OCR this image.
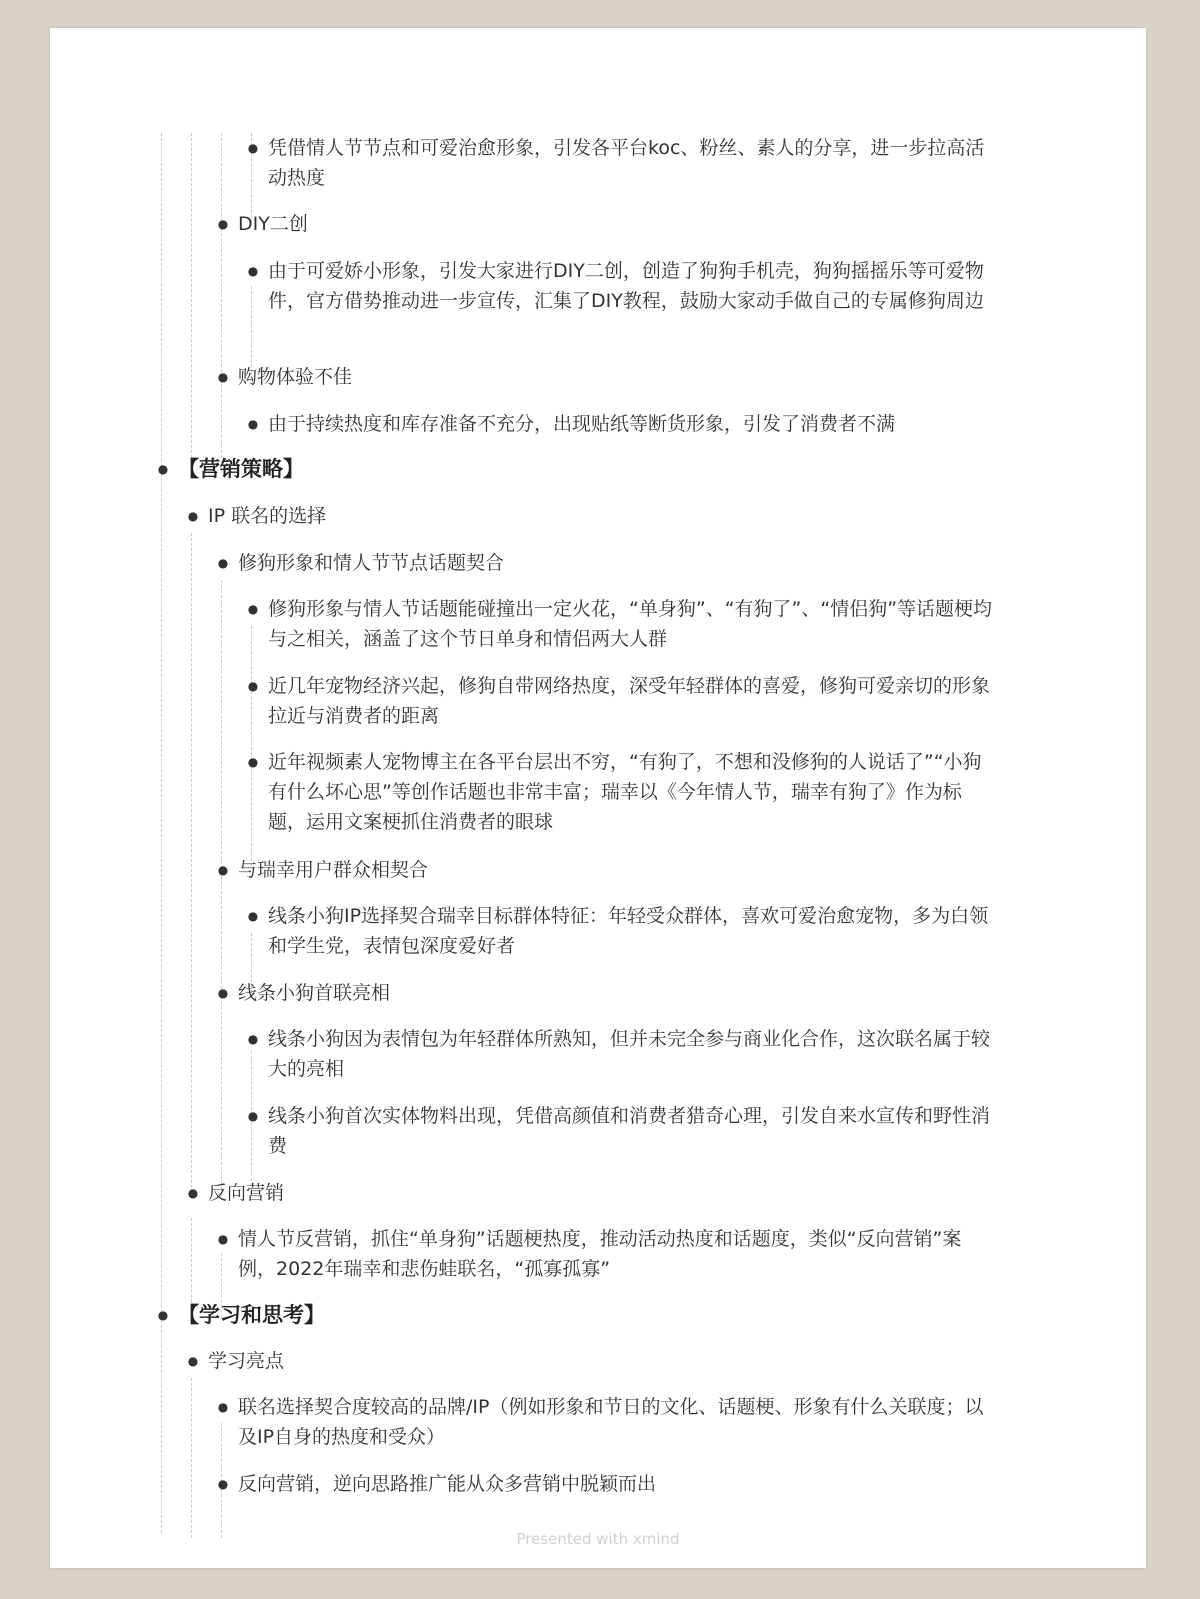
● 凭借情人节节点和可爱治愈形象，引发各平台koc、粉丝、素人的分享，进一步拉高活动热度
● DIY二创
● 由于可爱娇小形象，引发大家进行DIY二创，创造了狗狗手机壳，狗狗摇摇乐等可爱物件，官方借势推动进一步宣传，汇集了DIY教程，鼓励大家动手做自己的专属修狗周边
● 购物体验不佳
● 由于持续热度和库存准备不充分，出现贴纸等断货形象，引发了消费者不满
● 【营销策略】
● IP 联名的选择
● 修狗形象和情人节节点话题契合
● 修狗形象与情人节话题能碰撞出一定火花，“单身狗”、“有狗了”、“情侣狗”等话题梗均与之相关，涵盖了这个节日单身和情侣两大人群
● 近几年宠物经济兴起，修狗自带网络热度，深受年轻群体的喜爱，修狗可爱亲切的形象拉近与消费者的距离
● 近年视频素人宠物博主在各平台层出不穷，“有狗了，不想和没修狗的人说话了”“小狗有什么坏心思”等创作话题也非常丰富；瑞幸以《今年情人节，瑞幸有狗了》作为标题，运用文案梗抓住消费者的眼球
● 与瑞幸用户群众相契合
● 线条小狗IP选择契合瑞幸目标群体特征：年轻受众群体，喜欢可爱治愈宠物，多为白领和学生党，表情包深度爱好者
● 线条小狗首联亮相
● 线条小狗因为表情包为年轻群体所熟知，但并未完全参与商业化合作，这次联名属于较大的亮相
● 线条小狗首次实体物料出现，凭借高颜值和消费者猎奇心理，引发自来水宣传和野性消费
● 反向营销
● 情人节反营销，抓住“单身狗”话题梗热度，推动活动热度和话题度，类似“反向营销”案例，2022年瑞幸和悲伤蛙联名，“孤寡孤寡”
● 【学习和思考】
● 学习亮点
● 联名选择契合度较高的品牌/IP（例如形象和节日的文化、话题梗、形象有什么关联度；以及IP自身的热度和受众）
● 反向营销，逆向思路推广能从众多营销中脱颖而出
Presented with xmind
